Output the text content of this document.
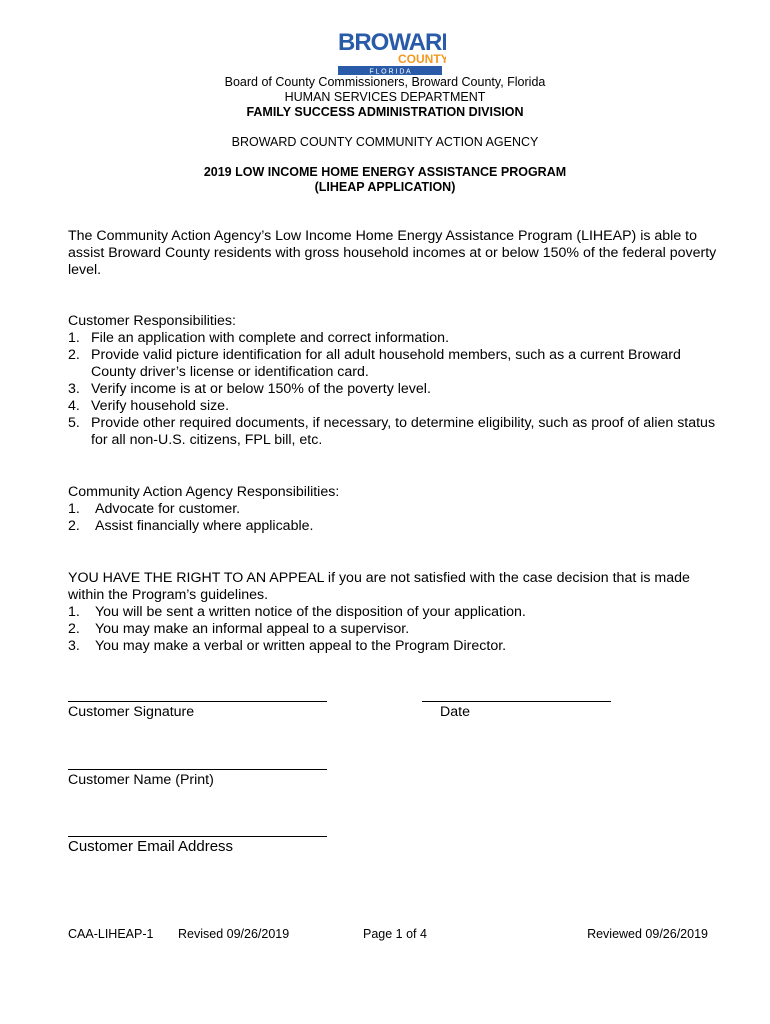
BROWARD
COUNTY
F L O R I D A
Board of County Commissioners, Broward County, Florida
HUMAN SERVICES DEPARTMENT
FAMILY SUCCESS ADMINISTRATION DIVISION
BROWARD COUNTY COMMUNITY ACTION AGENCY
2019 LOW INCOME HOME ENERGY ASSISTANCE PROGRAM
(LIHEAP APPLICATION)

The Community Action Agency’s Low Income Home Energy Assistance Program (LIHEAP) is able to assist Broward County residents with gross household incomes at or below 150% of the federal poverty level.

Customer Responsibilities:

1. File an application with complete and correct information.
2. Provide valid picture identification for all adult household members, such as a current Broward County driver’s license or identification card.
3. Verify income is at or below 150% of the poverty level.
4. Verify household size.
5. Provide other required documents, if necessary, to determine eligibility, such as proof of alien status for all non-U.S. citizens, FPL bill, etc.

Community Action Agency Responsibilities:

1.	Advocate for customer.
2.	Assist financially where applicable.

YOU HAVE THE RIGHT TO AN APPEAL if you are not satisfied with the case decision that is made within the Program’s guidelines.

1.	You will be sent a written notice of the disposition of your application.
2.	You may make an informal appeal to a supervisor.
3.	You may make a verbal or written appeal to the Program Director.
Customer Signature	Date
Customer Name (Print)
Customer Email Address
CAA-LIHEAP-1 Revised 09/26/2019	Page 1 of 4	Reviewed 09/26/2019
